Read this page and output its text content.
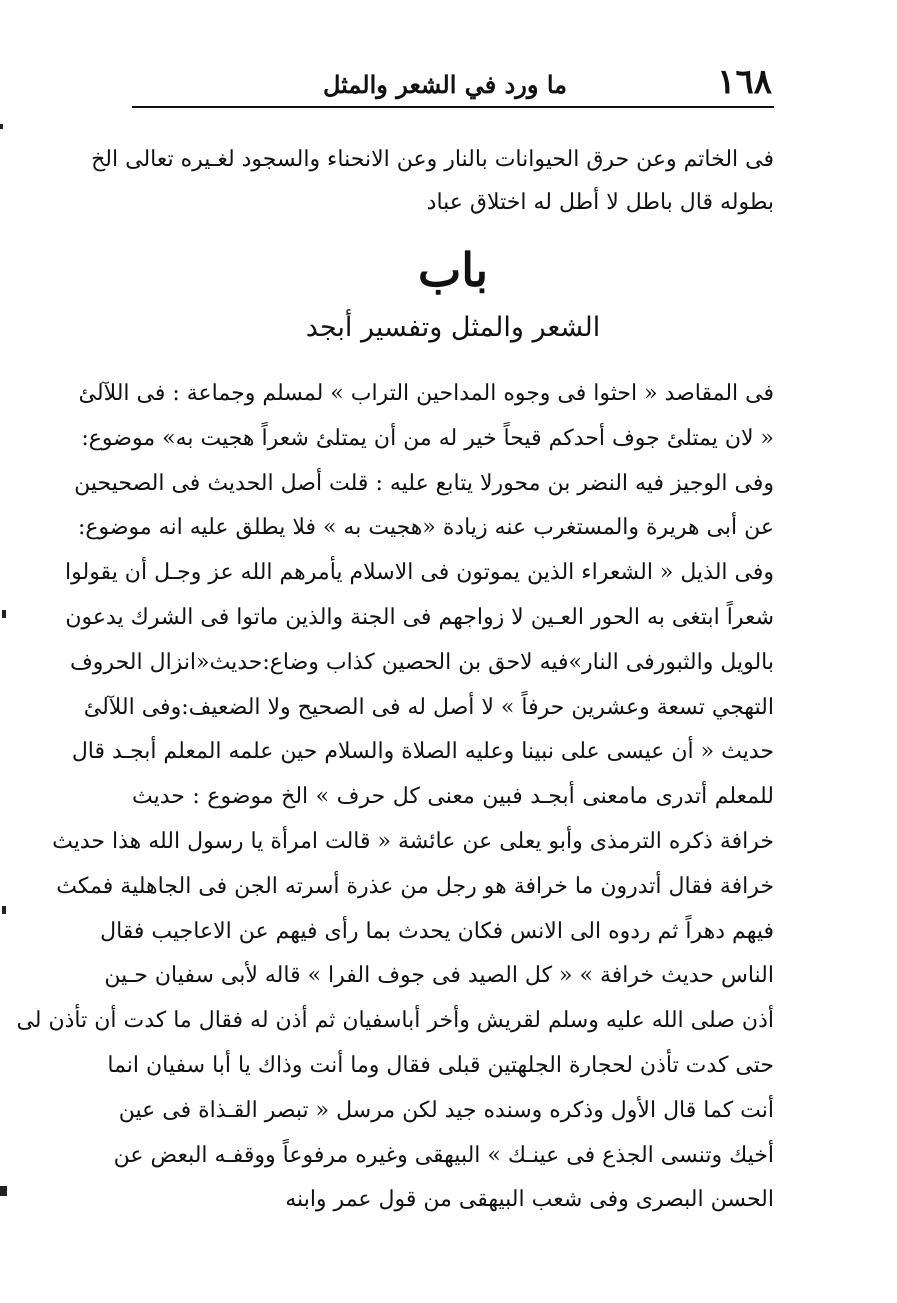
١٦٨
ما ورد في الشعر والمثل
فى الخاتم وعن حرق الحيوانات بالنار وعن الانحناء والسجود لغـيره تعالى الخ
بطوله قال باطل لا أطل له اختلاق عباد
باب
الشعر والمثل وتفسير أبجد
فى المقاصد « احثوا فى وجوه المداحين التراب » لمسلم وجماعة : فى اللآلئ
« لان يمتلئ جوف أحدكم قيحاً خير له من أن يمتلئ شعراً هجيت به» موضوع:
وفى الوجيز فيه النضر بن محورلا يتابع عليه : قلت أصل الحديث فى الصحيحين
عن أبى هريرة والمستغرب عنه زيادة «هجيت به » فلا يطلق عليه انه موضوع:
وفى الذيل « الشعراء الذين يموتون فى الاسلام يأمرهم الله عز وجـل أن يقولوا
شعراً ابتغى به الحور العـين لا زواجهم فى الجنة والذين ماتوا فى الشرك يدعون
بالويل والثبورفى النار»فيه لاحق بن الحصين كذاب وضاع:حديث«انزال الحروف
التهجي تسعة وعشرين حرفاً » لا أصل له فى الصحيح ولا الضعيف:وفى اللآلئ
حديث « أن عيسى على نبينا وعليه الصلاة والسلام حين علمه المعلم أبجـد قال
للمعلم أتدرى مامعنى أبجـد فبين معنى كل حرف » الخ موضوع : حديث
خرافة ذكره الترمذى وأبو يعلى عن عائشة « قالت امرأة يا رسول الله هذا حديث
خرافة فقال أتدرون ما خرافة هو رجل من عذرة أسرته الجن فى الجاهلية فمكث
فيهم دهراً ثم ردوه الى الانس فكان يحدث بما رأى فيهم عن الاعاجيب فقال
الناس حديث خرافة » « كل الصيد فى جوف الفرا » قاله لأبى سفيان حـين
أذن صلى الله عليه وسلم لقريش وأخر أباسفيان ثم أذن له فقال ما كدت أن تأذن لى
حتى كدت تأذن لحجارة الجلهتين قبلى فقال وما أنت وذاك يا أبا سفيان انما
أنت كما قال الأول وذكره وسنده جيد لكن مرسل « تبصر القـذاة فى عين
أخيك وتنسى الجذع فى عينـك » البيهقى وغيره مرفوعاً ووقفـه البعض عن
الحسن البصرى وفى شعب البيهقى من قول عمر وابنه
